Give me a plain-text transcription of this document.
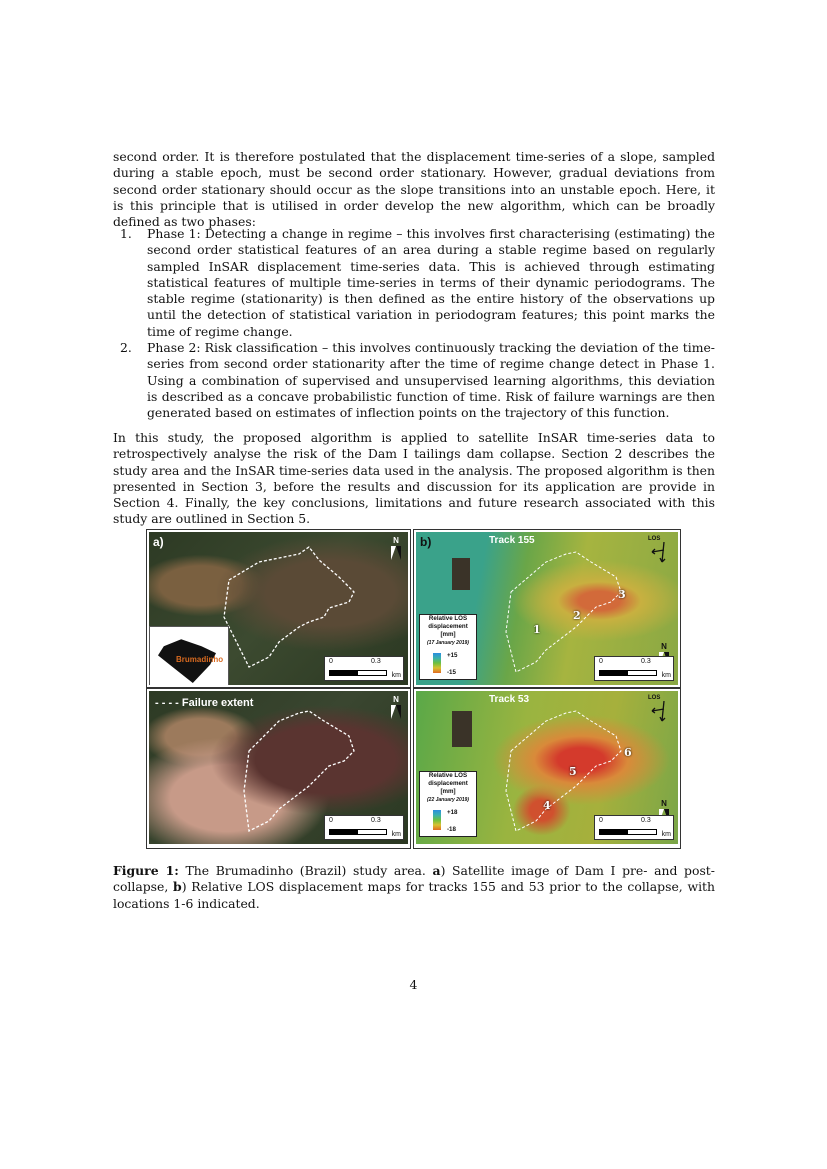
second order. It is therefore postulated that the displacement time-series of a slope, sampled during a stable epoch, must be second order stationary. However, gradual deviations from second order stationary should occur as the slope transitions into an unstable epoch. Here, it is this principle that is utilised in order develop the new algorithm, which can be broadly defined as two phases:

1. Phase 1: Detecting a change in regime – this involves first characterising (estimating) the second order statistical features of an area during a stable regime based on regularly sampled InSAR displacement time-series data. This is achieved through estimating statistical features of multiple time-series in terms of their dynamic periodograms. The stable regime (stationarity) is then defined as the entire history of the observations up until the detection of statistical variation in periodogram features; this point marks the time of regime change.
2. Phase 2: Risk classification – this involves continuously tracking the deviation of the time-series from second order stationarity after the time of regime change detect in Phase 1. Using a combination of supervised and unsupervised learning algorithms, this deviation is described as a concave probabilistic function of time. Risk of failure warnings are then generated based on estimates of inflection points on the trajectory of this function.

In this study, the proposed algorithm is applied to satellite InSAR time-series data to retrospectively analyse the risk of the Dam I tailings dam collapse. Section 2 describes the study area and the InSAR time-series data used in the analysis. The proposed algorithm is then presented in Section 3, before the results and discussion for its application are provide in Section 4. Finally, the key conclusions, limitations and future research associated with this study are outlined in Section 5.

a)	N
Brumadinho	0	0.3
km
- - - - Failure extent	N
0	0.3
km
b)	Track 155	LOS
Relative LOS displacement
[mm]
(17 January 2019)
+15
-15
1
2
3
N
0	0.3
km
Track 53	LOS
Relative LOS displacement
[mm]
(22 January 2019)
+18
-18
4
5
6
N
0	0.3
km

Figure 1: The Brumadinho (Brazil) study area. a) Satellite image of Dam I pre- and post-collapse, b) Relative LOS displacement maps for tracks 155 and 53 prior to the collapse, with locations 1-6 indicated.

4
